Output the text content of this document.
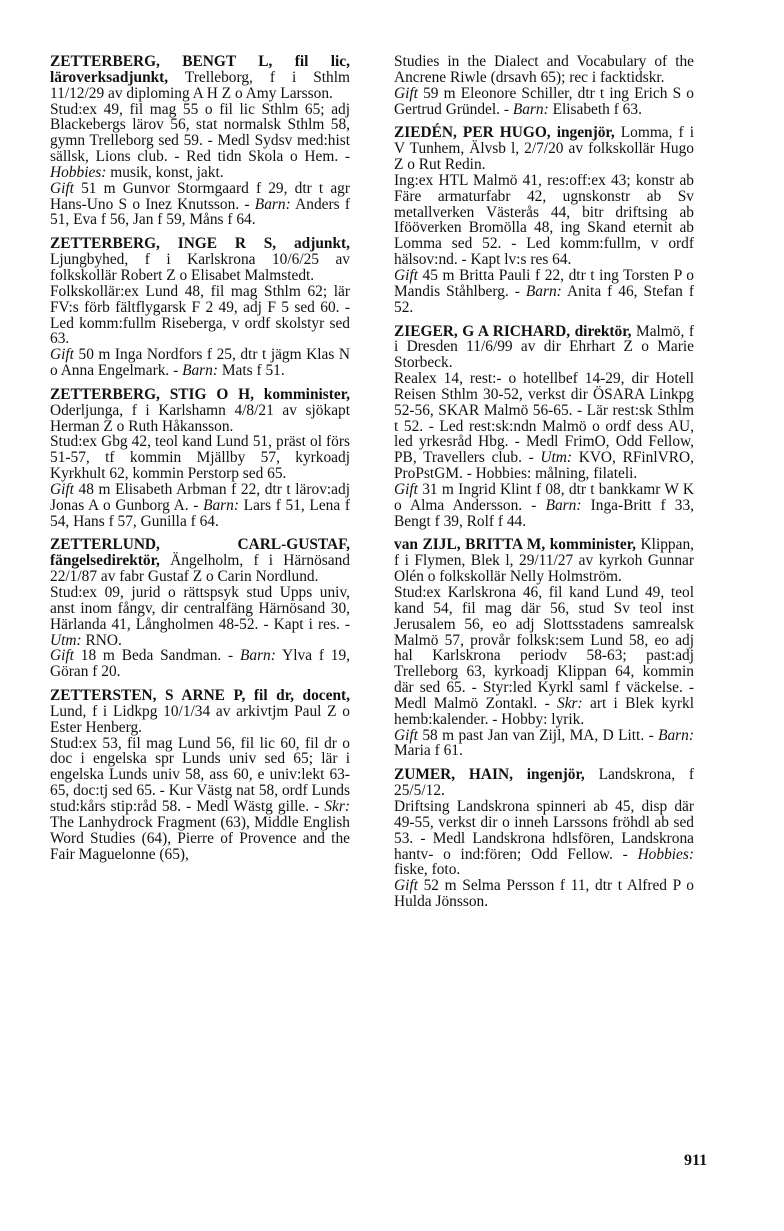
ZETTERBERG, BENGT L, fil lic, läroverksadjunkt, Trelleborg, f i Sthlm 11/12/29 av diploming A H Z o Amy Larsson.

Stud:ex 49, fil mag 55 o fil lic Sthlm 65; adj Blackebergs lärov 56, stat normalsk Sthlm 58, gymn Trelleborg sed 59. - Medl Sydsv med:hist sällsk, Lions club. - Red tidn Skola o Hem. - Hobbies: musik, konst, jakt.

Gift 51 m Gunvor Stormgaard f 29, dtr t agr Hans-Uno S o Inez Knutsson. - Barn: Anders f 51, Eva f 56, Jan f 59, Måns f 64.

ZETTERBERG, INGE R S, adjunkt, Ljungbyhed, f i Karlskrona 10/6/25 av folkskollär Robert Z o Elisabet Malmstedt.

Folkskollär:ex Lund 48, fil mag Sthlm 62; lär FV:s förb fältflygarsk F 2 49, adj F 5 sed 60. - Led komm:fullm Riseberga, v ordf skolstyr sed 63.

Gift 50 m Inga Nordfors f 25, dtr t jägm Klas N o Anna Engelmark. - Barn: Mats f 51.

ZETTERBERG, STIG O H, komminister, Oderljunga, f i Karlshamn 4/8/21 av sjökapt Herman Z o Ruth Håkansson.

Stud:ex Gbg 42, teol kand Lund 51, präst ol förs 51-57, tf kommin Mjällby 57, kyrkoadj Kyrkhult 62, kommin Perstorp sed 65.

Gift 48 m Elisabeth Arbman f 22, dtr t lärov:adj Jonas A o Gunborg A. - Barn: Lars f 51, Lena f 54, Hans f 57, Gunilla f 64.

ZETTERLUND, CARL-GUSTAF, fängelsedirektör, Ängelholm, f i Härnösand 22/1/87 av fabr Gustaf Z o Carin Nordlund.

Stud:ex 09, jurid o rättspsyk stud Upps univ, anst inom fångv, dir centralfäng Härnösand 30, Härlanda 41, Långholmen 48-52. - Kapt i res. - Utm: RNO.

Gift 18 m Beda Sandman. - Barn: Ylva f 19, Göran f 20.

ZETTERSTEN, S ARNE P, fil dr, docent, Lund, f i Lidkpg 10/1/34 av arkivtjm Paul Z o Ester Henberg.

Stud:ex 53, fil mag Lund 56, fil lic 60, fil dr o doc i engelska spr Lunds univ sed 65; lär i engelska Lunds univ 58, ass 60, e univ:lekt 63-65, doc:tj sed 65. - Kur Västg nat 58, ordf Lunds stud:kårs stip:råd 58. - Medl Wästg gille. - Skr: The Lanhydrock Fragment (63), Middle English Word Studies (64), Pierre of Provence and the Fair Maguelonne (65),

Studies in the Dialect and Vocabulary of the Ancrene Riwle (drsavh 65); rec i facktidskr.

Gift 59 m Eleonore Schiller, dtr t ing Erich S o Gertrud Gründel. - Barn: Elisabeth f 63.

ZIEDÉN, PER HUGO, ingenjör, Lomma, f i V Tunhem, Älvsb l, 2/7/20 av folkskollär Hugo Z o Rut Redin.

Ing:ex HTL Malmö 41, res:off:ex 43; konstr ab Färe armaturfabr 42, ugnskonstr ab Sv metallverken Västerås 44, bitr driftsing ab Ifööverken Bromölla 48, ing Skand eternit ab Lomma sed 52. - Led komm:fullm, v ordf hälsov:nd. - Kapt lv:s res 64.

Gift 45 m Britta Pauli f 22, dtr t ing Torsten P o Mandis Ståhlberg. - Barn: Anita f 46, Stefan f 52.

ZIEGER, G A RICHARD, direktör, Malmö, f i Dresden 11/6/99 av dir Ehrhart Z o Marie Storbeck.

Realex 14, rest:- o hotellbef 14-29, dir Hotell Reisen Sthlm 30-52, verkst dir ÖSARA Linkpg 52-56, SKAR Malmö 56-65. - Lär rest:sk Sthlm t 52. - Led rest:sk:ndn Malmö o ordf dess AU, led yrkesråd Hbg. - Medl FrimO, Odd Fellow, PB, Travellers club. - Utm: KVO, RFinlVRO, ProPstGM. - Hobbies: målning, filateli.

Gift 31 m Ingrid Klint f 08, dtr t bankkamr W K o Alma Andersson. - Barn: Inga-Britt f 33, Bengt f 39, Rolf f 44.

van ZIJL, BRITTA M, komminister, Klippan, f i Flymen, Blek l, 29/11/27 av kyrkoh Gunnar Olén o folkskollär Nelly Holmström.

Stud:ex Karlskrona 46, fil kand Lund 49, teol kand 54, fil mag där 56, stud Sv teol inst Jerusalem 56, eo adj Slottsstadens samrealsk Malmö 57, provår folksk:sem Lund 58, eo adj hal Karlskrona periodv 58-63; past:adj Trelleborg 63, kyrkoadj Klippan 64, kommin där sed 65. - Styr:led Kyrkl saml f väckelse. - Medl Malmö Zontakl. - Skr: art i Blek kyrkl hemb:kalender. - Hobby: lyrik.

Gift 58 m past Jan van Zijl, MA, D Litt. - Barn: Maria f 61.

ZUMER, HAIN, ingenjör, Landskrona, f 25/5/12.

Driftsing Landskrona spinneri ab 45, disp där 49-55, verkst dir o inneh Larssons fröhdl ab sed 53. - Medl Landskrona hdlsfören, Landskrona hantv- o ind:fören; Odd Fellow. - Hobbies: fiske, foto.

Gift 52 m Selma Persson f 11, dtr t Alfred P o Hulda Jönsson.

911
